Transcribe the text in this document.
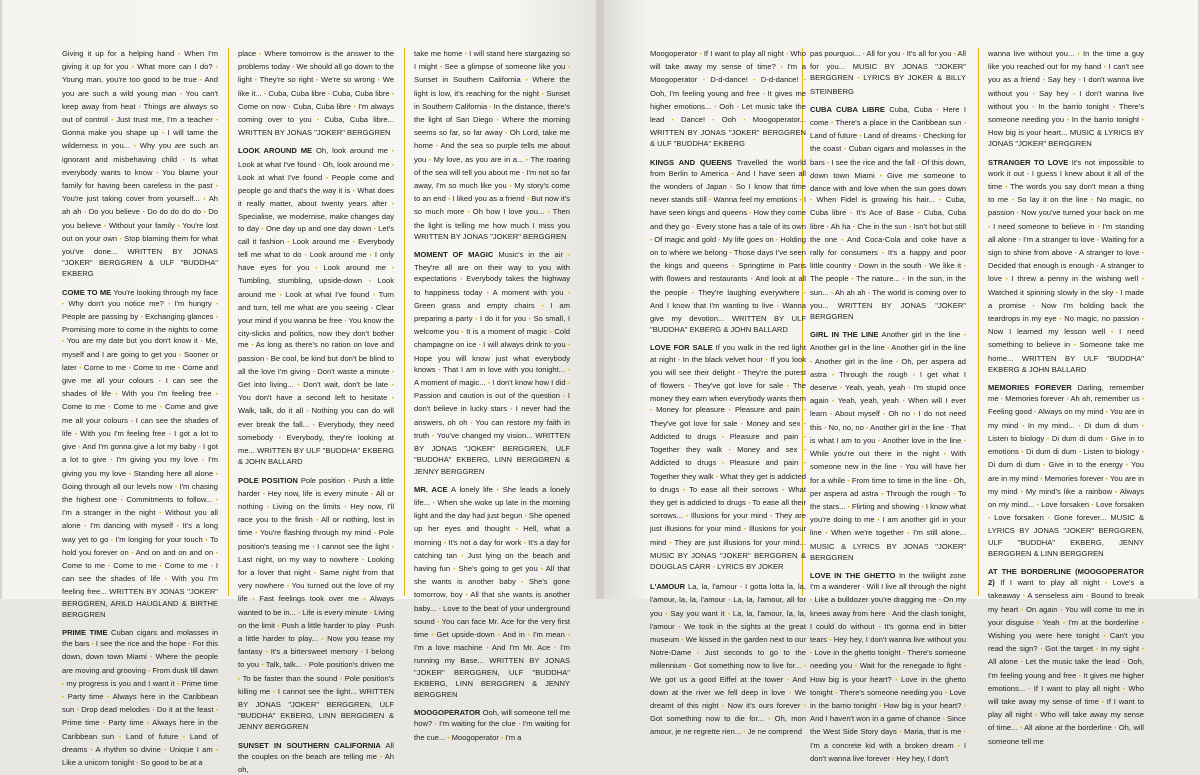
Giving it up for a helping hand • When I'm giving it up for you • What more can I do? • Young man, you're too good to be true • And you are such a wild young man • You can't keep away from heat • Things are always so out of control • Just trust me, I'm a teacher • Gonna make you shape up • I will tame the wilderness in you... • Why you are such an ignorant and misbehaving child • Is what everybody wants to know • You blame your family for having been careless in the past • You're just taking cover from yourself... • Ah ah ah • Do you believe • Do do do do do • Do you believe • Without your family • You're lost out on your own • Stop blaming them for what you've done... WRITTEN BY JONAS "JOKER" BERGGREN & ULF "BUDDHA" EKBERG

COME TO ME You're looking through my face • Why don't you notice me? • I'm hungry • People are passing by • Exchanging glances • Promising more to come in the nights to come • You are my date but you don't know it • Me, myself and I are going to get you • Sooner or later • Come to me • Come to me • Come and give me all your colours • I can see the shades of life • With you I'm feeling free • Come to me • Come to me • Come and give me all your colours • I can see the shades of life • With you I'm feeling free • I got a lot to give • And I'm gonna give a lot my baby • I got a lot to give • I'm giving you my love • I'm giving you my love • Standing here all alone • Going through all our levels now • I'm chasing the highest one • Commitments to follow... • I'm a stranger in the night • Without you all alone • I'm dancing with myself • It's a long way yet to go • I'm longing for your touch • To hold you forever on • And on and on and on • Come to me • Come to me • Come to me • I can see the shades of life • With you I'm feeling free... WRITTEN BY JONAS "JOKER" BERGGREN, ARILD HAUGLAND & BIRTHE BERGGREN

PRIME TIME Cuban cigars and molasses in the bars • I see the rice and the hope • For this down, down town Miami • Where the people are moving and grooving • From dusk till dawn • my progress is you and I want it • Prime time • Party time • Always here in the Caribbean sun • Drop dead melodies • Do it at the feast • Prime time • Party time • Always here in the Caribbean sun • Land of future • Land of dreams • A rhythm so divine • Unique I am • Like a unicorn tonight • So good to be at a

place • Where tomorrow is the answer to the problems today • We should all go down to the light • They're so right • We're so wrong • We like it... • Cuba, Cuba libre • Cuba, Cuba libre • Come on now • Cuba, Cuba libre • I'm always coming over to you • Cuba, Cuba libre... WRITTEN BY JONAS "JOKER" BERGGREN

LOOK AROUND ME Oh, look around me • Look at what I've found • Oh, look around me • Look at what I've found • People come and people go and that's the way it is • What does it really matter, about twenty years after • Specialise, we modernise, make changes day to day • One day up and one day down • Let's call it fashion • Look around me • Everybody tell me what to do • Look around me • I only have eyes for you • Look around me • Tumbling, stumbling, upside-down • Look around me • Look at what I've found • Turn and turn, tell me what are you seeing • Clear your mind if you wanna be free • You know the city-slicks and politics, now they don't bother me • As long as there's no ration on love and passion • Be cool, be kind but don't be blind to all the love I'm giving • Don't waste a minute • Get into living... • Don't wait, don't be late • You don't have a second left to hesitate • Walk, talk, do it all • Nothing you can do will ever break the fall... • Everybody, they need somebody • Everybody, they're looking at me... WRITTEN BY ULF "BUDDHA" EKBERG & JOHN BALLARD

POLE POSITION Pole position • Push a little harder • Hey now, life is every minute • All or nothing • Living on the limits • Hey now, I'll race you to the finish • All or nothing, lost in time • You're flashing through my mind • Pole position's teasing me • I cannot see the light • Last night, on my way to nowhere • Looking for a lover that night • Same night from that very nowhere • You turned out the love of my life • Fast feelings took over me • Always wanted to be in... • Life is every minute • Living on the limit • Push a little harder to play • Push a little harder to play... • Now you tease my fantasy • It's a bittersweet memory • I belong to you • Talk, talk... • Pole position's driven me • To be faster than the sound • Pole position's killing me • I cannot see the light... WRITTEN BY JONAS "JOKER" BERGGREN, ULF "BUDDHA" EKBERG, LINN BERGGREN & JENNY BERGGREN

SUNSET IN SOUTHERN CALIFORNIA All the couples on the beach are telling me • Ah oh,

take me home • I will stand here stargazing so I might • See a glimpse of someone like you • Sunset in Southern California • Where the light is low, it's reaching for the night • Sunset in Southern California • In the distance, there's the light of San Diego • Where the morning seems so far, so far away • Oh Lord, take me home • And the sea so purple tells me about you • My love, as you are in a... • The roaring of the sea will tell you about me • I'm not so far away, I'm so much like you • My story's come to an end • I liked you as a friend • But now it's so much more • Oh how I love you... • Then the light is telling me how much I miss you WRITTEN BY JONAS "JOKER" BERGGREN

MOMENT OF MAGIC Music's in the air • They're all are on their way to you with expectations • Everybody takes the highway to happiness today • A moment with you • Green grass and empty chairs • I am preparing a party • I do it for you • So small, I welcome you • It is a moment of magic • Cold champagne on ice • I will always drink to you • Hope you will know just what everybody knows • That I am in love with you tonight... • A moment of magic... • I don't know how I did • Passion and caution is out of the question • I don't believe in lucky stars • I never had the answers, oh oh • You can restore my faith in truth • You've changed my vision... WRITTEN BY JONAS "JOKER" BERGGREN, ULF "BUDDHA" EKBERG, LINN BERGGREN & JENNY BERGGREN

MR. ACE A lonely life • She leads a lonely life... • When she woke up late in the morning light and the day had just begun • She opened up her eyes and thought • Hell, what a morning • It's not a day for work • It's a day for catching tan • Just lying on the beach and having fun • She's going to get you • All that she wants is another baby • She's gone tomorrow, boy • All that she wants is another baby... • Love to the beat of your underground sound • You can face Mr. Ace for the very first time • Get upside-down • And in • I'm mean • I'm a love machine • And I'm Mr. Ace • I'm running my Base... WRITTEN BY JONAS "JOKER" BERGGREN, ULF "BUDDHA" EKBERG, LINN BERGGREN & JENNY BERGGREN

MOOGOPERATOR Ooh, will someone tell me how? • I'm waiting for the clue • I'm waiting for the cue... • Moogoperator • I'm a

Moogoperator • If I want to play all night • Who will take away my sense of time? • I'm a Moogoperator • D-d-dance! • D-d-dance! • Ooh, I'm feeling young and free • It gives me higher emotions... • Ooh • Let music take the lead • Dance! • Ooh • Moogoperator... WRITTEN BY JONAS "JOKER" BERGGREN & ULF "BUDDHA" EKBERG

KINGS AND QUEENS Travelled the world from Berlin to America • And I have seen all the wonders of Japan • So I know that time never stands still • Wanna feel my emotions • I have seen kings and queens • How they come and they go • Every stone has a tale of its own • Of magic and gold • My life goes on • Holding on to where we belong • Those days I've seen the kings and queens • Springtime in Paris with flowers and restaurants • And look at all the people • They're laughing everywhere • And I know that I'm wanting to live • Wanna give my devotion... WRITTEN BY ULF "BUDDHA" EKBERG & JOHN BALLARD

LOVE FOR SALE If you walk in the red light at night • In the black velvet hour • If you look you will see their delight • They're the purest of flowers • They've got love for sale • The money they earn when everybody wants them • Money for pleasure • Pleasure and pain • They've got love for sale • Money and sex • Addicted to drugs • Pleasure and pain • Together they walk • Money and sex • Addicted to drugs • Pleasure and pain • Together they walk • What they get is addicted to drugs • To ease all their sorrows • What they get is addicted to drugs • To ease all their sorrows... • Illusions for your mind • They are just illusions for your mind • Illusions for your mind • They are just illusions for your mind... MUSIC BY JONAS "JOKER" BERGGREN & DOUGLAS CARR • LYRICS BY JOKER

L'AMOUR La, la, l'amour • I gotta lotta la, la, l'amour, la, la, l'amour • La, la, l'amour, all for you • Say you want it • La, la, l'amour, la, la, l'amour • We took in the sights at the great museum • We kissed in the garden next to our Notre-Dame • Just seconds to go to the millennium • Got something now to live for... • We got us a good Eiffel at the tower • And down at the river we fell deep in love • We dreamt of this night • Now it's ours forever • Got something now to die for... • Oh, mon amour, je ne regrette rien... • Je ne comprend

pas pourquoi... • All for you • It's all for you • All for you... MUSIC BY JONAS "JOKER" BERGGREN • LYRICS BY JOKER & BILLY STEINBERG

CUBA CUBA LIBRE Cuba, Cuba • Here I come • There's a place in the Caribbean sun • Land of future • Land of dreams • Checking for the coast • Cuban cigars and molasses in the bars • I see the rice and the fall • Of this down, down town Miami • Give me someone to dance with and love when the sun goes down • When Fidel is growing his hair... • Cuba, Cuba libre • It's Ace of Base • Cuba, Cuba libre • Ah ha • Che in the sun • Isn't hot but still the one • And Coca-Cola and coke have a rally for consumers • It's a happy and poor little country • Down in the south • We like it • The people • The nature... • In the sun, in the sun... • Ah ah ah • The world is coming over to you... WRITTEN BY JONAS "JOKER" BERGGREN

GIRL IN THE LINE Another girl in the line • Another girl in the line • Another girl in the line • Another girl in the line • Oh, per aspera ad astra • Through the rough • I get what I deserve • Yeah, yeah, yeah • I'm stupid once again • Yeah, yeah, yeah • When will I ever learn • About myself • Oh no • I do not need this • No, no, no • Another girl in the line • That is what I am to you • Another love in the line • While you're out there in the night • With someone new in the line • You will have her for a while • From time to time in the line • Oh, per aspera ad astra • Through the rough • To the stars... • Flirting and showing • I know what you're doing to me • I am another girl in your line • When we're together • I'm still alone... MUSIC & LYRICS BY JONAS "JOKER" BERGGREN

LOVE IN THE GHETTO In the twilight zone I'm a wanderer • Will I live all through the night • Like a bulldozer you're dragging me • On my knees away from here • And the clash tonight, I could do without • It's gonna end in bitter tears • Hey hey, I don't wanna live without you • Love in the ghetto tonight • There's someone needing you • Wait for the renegade to fight • How big is your heart? • Love in the ghetto tonight • There's someone needing you • Love in the barrio tonight • How big is your heart? • And I haven't won in a game of chance • Since the West Side Story days • Maria, that is me • I'm a concrete kid with a broken dream • I don't wanna live forever • Hey hey, I don't

wanna live without you... • In the time a guy like you reached out for my hand • I can't see you as a friend • Say hey • I don't wanna live without you • Say hey • I don't wanna live without you • In the barrio tonight • There's someone needing you • In the barrio tonight • How big is your heart... MUSIC & LYRICS BY JONAS "JOKER" BERGGREN

STRANGER TO LOVE It's not impossible to work it out • I guess I knew about it all of the time • The words you say don't mean a thing to me • So lay it on the line • No magic, no passion • Now you've turned your back on me • I need someone to believe in • I'm standing all alone • I'm a stranger to love • Waiting for a sign to shine from above • A stranger to love • Decided that enough is enough • A stranger to love • I threw a penny in the wishing well • Watched it spinning slowly in the sky • I made a promise • Now I'm holding back the teardrops in my eye • No magic, no passion • Now I learned my lesson well • I need something to believe in • Someone take me home... WRITTEN BY ULF "BUDDHA" EKBERG & JOHN BALLARD

MEMORIES FOREVER Darling, remember me • Memories forever • Ah ah, remember us • Feeling good • Always on my mind • You are in my mind • In my mind... • Di dum di dum • Listen to biology • Di dum di dum • Give in to emotions • Di dum di dum • Listen to biology • Di dum di dum • Give in to the energy • You are in my mind • Memories forever • You are in my mind • My mind's like a rainbow • Always on my mind... • Love forsaken • Love forsaken • Love forsaken • Gone forever... MUSIC & LYRICS BY JONAS "JOKER" BERGGREN, ULF "BUDDHA" EKBERG, JENNY BERGGREN & LINN BERGGREN

AT THE BORDERLINE (MOOGOPERATOR 2) If I want to play all night • Love's a takeaway • A senseless aim • Bound to break my heart • On again • You will come to me in your disguise • Yeah • I'm at the borderline • Wishing you were here tonight • Can't you read the sign? • Got the target • In my sight • All alone • Let the music take the lead • Ooh, I'm feeling young and free • It gives me higher emotions... • If I want to play all night • Who will take away my sense of time • If I want to play all night • Who will take away my sense of time... • All alone at the borderline • Oh, will someone tell me
